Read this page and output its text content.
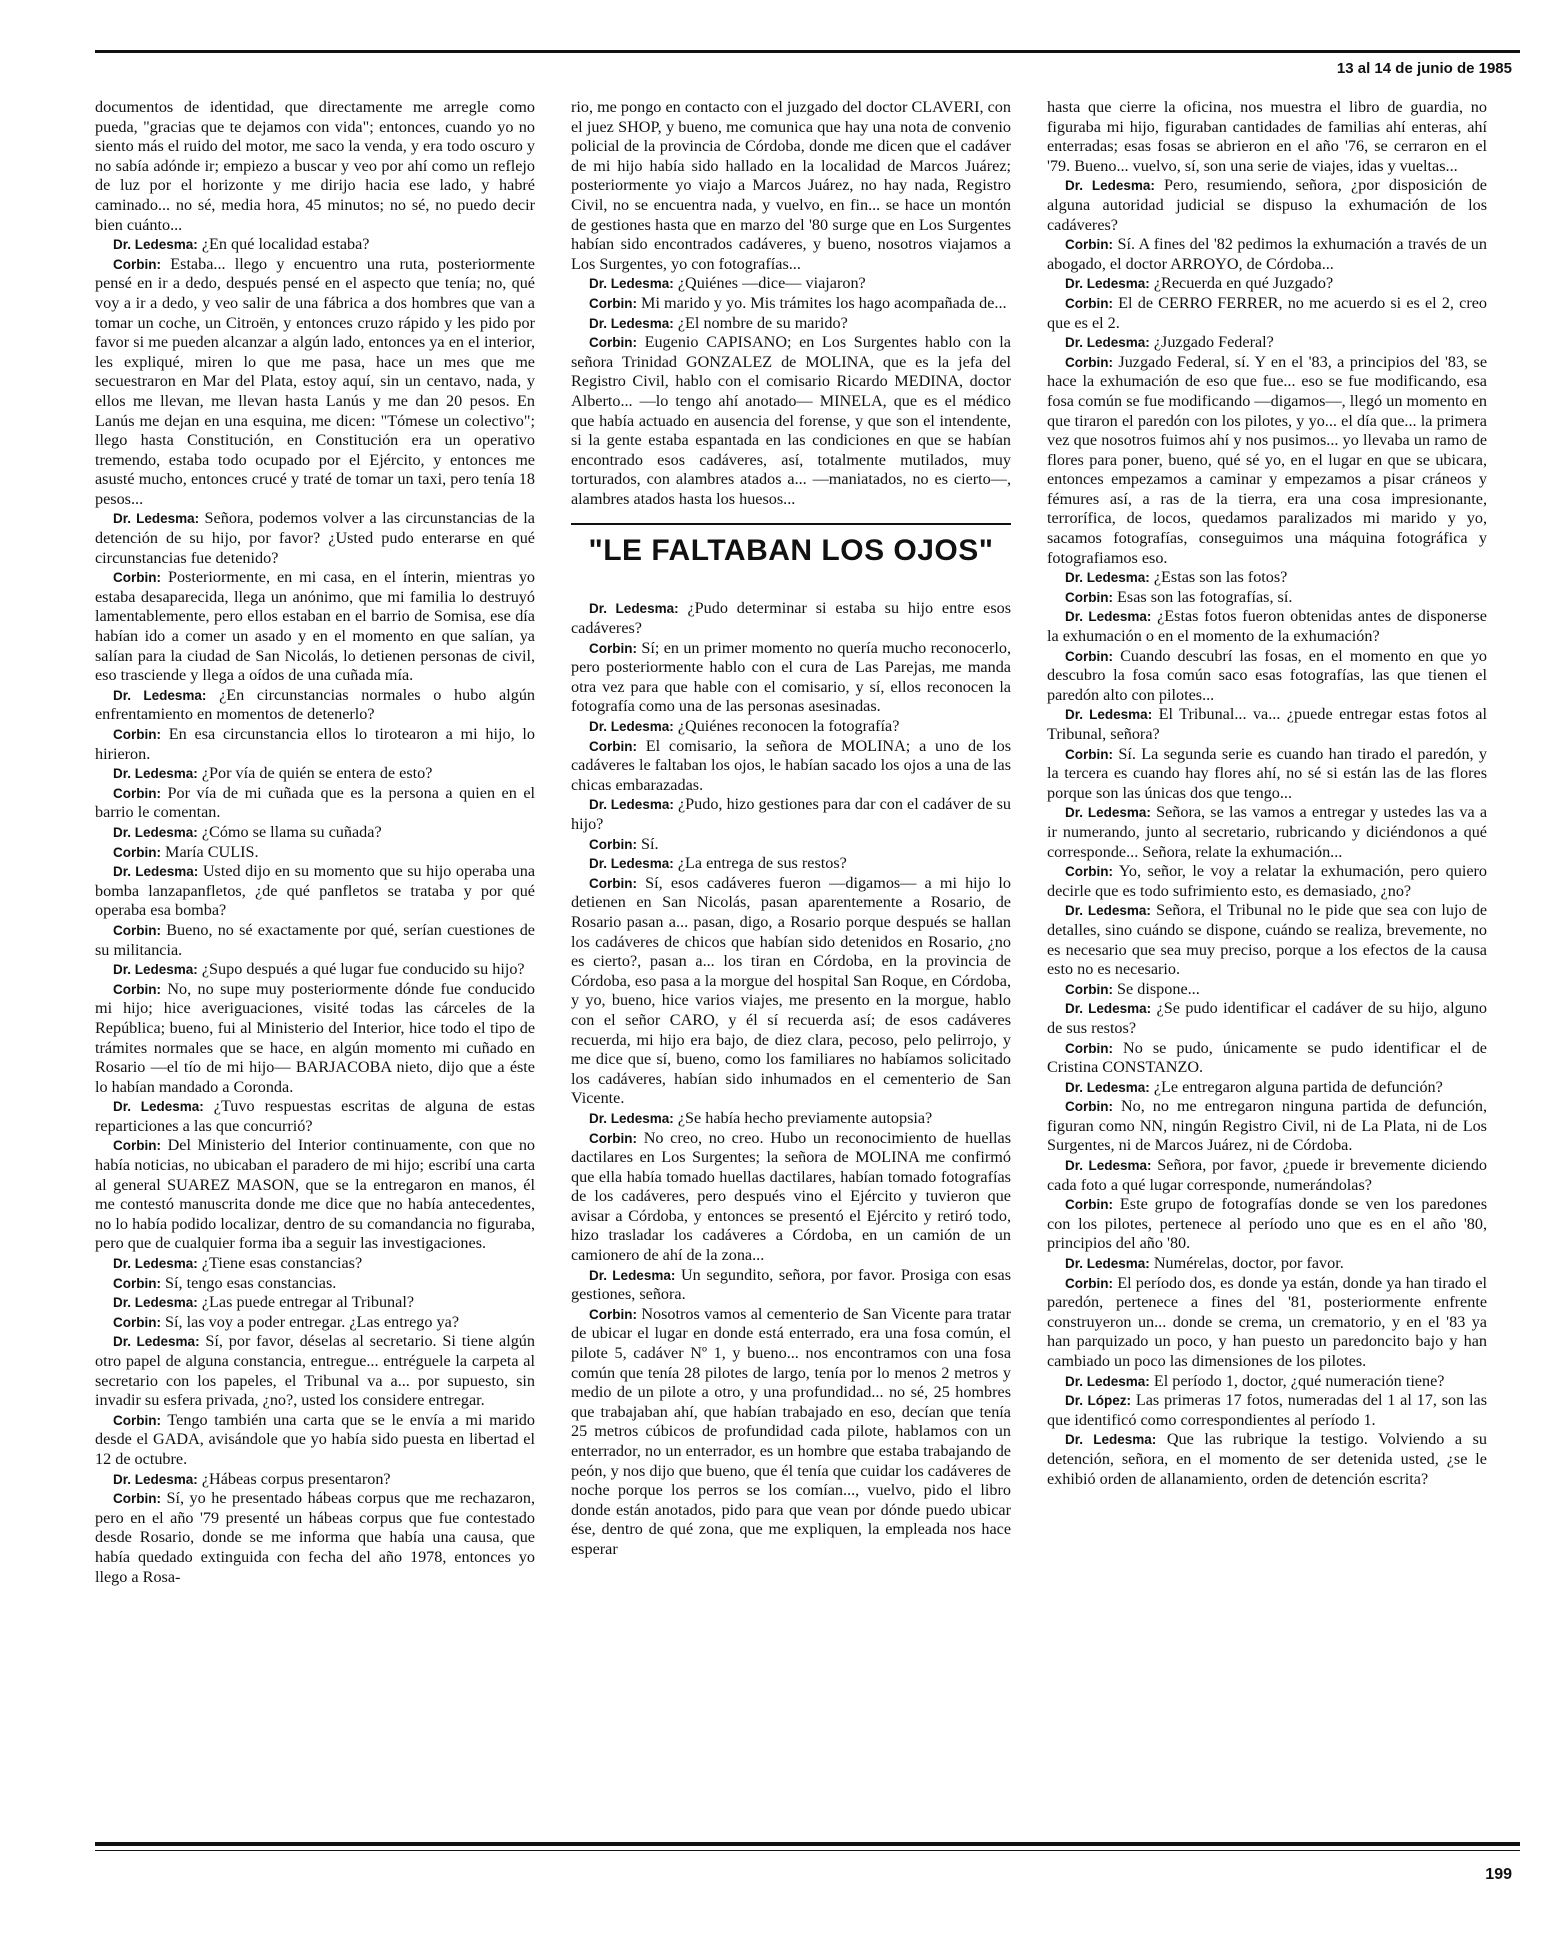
13 al 14 de junio de 1985

documentos de identidad, que directamente me arregle como pueda, "gracias que te dejamos con vida"; entonces, cuando yo no siento más el ruido del motor, me saco la venda, y era todo oscuro y no sabía adónde ir; empiezo a buscar y veo por ahí como un reflejo de luz por el horizonte y me dirijo hacia ese lado, y habré caminado... no sé, media hora, 45 minutos; no sé, no puedo decir bien cuánto...

Dr. Ledesma: ¿En qué localidad estaba?

Corbin: Estaba... llego y encuentro una ruta, posteriormente pensé en ir a dedo, después pensé en el aspecto que tenía; no, qué voy a ir a dedo, y veo salir de una fábrica a dos hombres que van a tomar un coche, un Citroën, y entonces cruzo rápido y les pido por favor si me pueden alcanzar a algún lado, entonces ya en el interior, les expliqué, miren lo que me pasa, hace un mes que me secuestraron en Mar del Plata, estoy aquí, sin un centavo, nada, y ellos me llevan, me llevan hasta Lanús y me dan 20 pesos. En Lanús me dejan en una esquina, me dicen: "Tómese un colectivo"; llego hasta Constitución, en Constitución era un operativo tremendo, estaba todo ocupado por el Ejército, y entonces me asusté mucho, entonces crucé y traté de tomar un taxi, pero tenía 18 pesos...

Dr. Ledesma: Señora, podemos volver a las circunstancias de la detención de su hijo, por favor? ¿Usted pudo enterarse en qué circunstancias fue detenido?

Corbin: Posteriormente, en mi casa, en el ínterin, mientras yo estaba desaparecida, llega un anónimo, que mi familia lo destruyó lamentablemente, pero ellos estaban en el barrio de Somisa, ese día habían ido a comer un asado y en el momento en que salían, ya salían para la ciudad de San Nicolás, lo detienen personas de civil, eso trasciende y llega a oídos de una cuñada mía.

Dr. Ledesma: ¿En circunstancias normales o hubo algún enfrentamiento en momentos de detenerlo?

Corbin: En esa circunstancia ellos lo tirotearon a mi hijo, lo hirieron.

Dr. Ledesma: ¿Por vía de quién se entera de esto?

Corbin: Por vía de mi cuñada que es la persona a quien en el barrio le comentan.

Dr. Ledesma: ¿Cómo se llama su cuñada?

Corbin: María CULIS.

Dr. Ledesma: Usted dijo en su momento que su hijo operaba una bomba lanzapanfletos, ¿de qué panfletos se trataba y por qué operaba esa bomba?

Corbin: Bueno, no sé exactamente por qué, serían cuestiones de su militancia.

Dr. Ledesma: ¿Supo después a qué lugar fue conducido su hijo?

Corbin: No, no supe muy posteriormente dónde fue conducido mi hijo; hice averiguaciones, visité todas las cárceles de la República; bueno, fui al Ministerio del Interior, hice todo el tipo de trámites normales que se hace, en algún momento mi cuñado en Rosario —el tío de mi hijo— BARJACOBA nieto, dijo que a éste lo habían mandado a Coronda.

Dr. Ledesma: ¿Tuvo respuestas escritas de alguna de estas reparticiones a las que concurrió?

Corbin: Del Ministerio del Interior continuamente, con que no había noticias, no ubicaban el paradero de mi hijo; escribí una carta al general SUAREZ MASON, que se la entregaron en manos, él me contestó manuscrita donde me dice que no había antecedentes, no lo había podido localizar, dentro de su comandancia no figuraba, pero que de cualquier forma iba a seguir las investigaciones.

Dr. Ledesma: ¿Tiene esas constancias?

Corbin: Sí, tengo esas constancias.

Dr. Ledesma: ¿Las puede entregar al Tribunal?

Corbin: Sí, las voy a poder entregar. ¿Las entrego ya?

Dr. Ledesma: Sí, por favor, déselas al secretario. Si tiene algún otro papel de alguna constancia, entregue... entréguele la carpeta al secretario con los papeles, el Tribunal va a... por supuesto, sin invadir su esfera privada, ¿no?, usted los considere entregar.

Corbin: Tengo también una carta que se le envía a mi marido desde el GADA, avisándole que yo había sido puesta en libertad el 12 de octubre.

Dr. Ledesma: ¿Hábeas corpus presentaron?

Corbin: Sí, yo he presentado hábeas corpus que me rechazaron, pero en el año '79 presenté un hábeas corpus que fue contestado desde Rosario, donde se me informa que había una causa, que había quedado extinguida con fecha del año 1978, entonces yo llego a Rosa-

rio, me pongo en contacto con el juzgado del doctor CLAVERI, con el juez SHOP, y bueno, me comunica que hay una nota de convenio policial de la provincia de Córdoba, donde me dicen que el cadáver de mi hijo había sido hallado en la localidad de Marcos Juárez; posteriormente yo viajo a Marcos Juárez, no hay nada, Registro Civil, no se encuentra nada, y vuelvo, en fin... se hace un montón de gestiones hasta que en marzo del '80 surge que en Los Surgentes habían sido encontrados cadáveres, y bueno, nosotros viajamos a Los Surgentes, yo con fotografías...

Dr. Ledesma: ¿Quiénes —dice— viajaron?

Corbin: Mi marido y yo. Mis trámites los hago acompañada de...

Dr. Ledesma: ¿El nombre de su marido?

Corbin: Eugenio CAPISANO; en Los Surgentes hablo con la señora Trinidad GONZALEZ de MOLINA, que es la jefa del Registro Civil, hablo con el comisario Ricardo MEDINA, doctor Alberto... —lo tengo ahí anotado— MINELA, que es el médico que había actuado en ausencia del forense, y que son el intendente, si la gente estaba espantada en las condiciones en que se habían encontrado esos cadáveres, así, totalmente mutilados, muy torturados, con alambres atados a... —maniatados, no es cierto—, alambres atados hasta los huesos...

"LE FALTABAN LOS OJOS"

Dr. Ledesma: ¿Pudo determinar si estaba su hijo entre esos cadáveres?

Corbin: Sí; en un primer momento no quería mucho reconocerlo, pero posteriormente hablo con el cura de Las Parejas, me manda otra vez para que hable con el comisario, y sí, ellos reconocen la fotografía como una de las personas asesinadas.

Dr. Ledesma: ¿Quiénes reconocen la fotografía?

Corbin: El comisario, la señora de MOLINA; a uno de los cadáveres le faltaban los ojos, le habían sacado los ojos a una de las chicas embarazadas.

Dr. Ledesma: ¿Pudo, hizo gestiones para dar con el cadáver de su hijo?

Corbin: Sí.

Dr. Ledesma: ¿La entrega de sus restos?

Corbin: Sí, esos cadáveres fueron —digamos— a mi hijo lo detienen en San Nicolás, pasan aparentemente a Rosario, de Rosario pasan a... pasan, digo, a Rosario porque después se hallan los cadáveres de chicos que habían sido detenidos en Rosario, ¿no es cierto?, pasan a... los tiran en Córdoba, en la provincia de Córdoba, eso pasa a la morgue del hospital San Roque, en Córdoba, y yo, bueno, hice varios viajes, me presento en la morgue, hablo con el señor CARO, y él sí recuerda así; de esos cadáveres recuerda, mi hijo era bajo, de diez clara, pecoso, pelo pelirrojo, y me dice que sí, bueno, como los familiares no habíamos solicitado los cadáveres, habían sido inhumados en el cementerio de San Vicente.

Dr. Ledesma: ¿Se había hecho previamente autopsia?

Corbin: No creo, no creo. Hubo un reconocimiento de huellas dactilares en Los Surgentes; la señora de MOLINA me confirmó que ella había tomado huellas dactilares, habían tomado fotografías de los cadáveres, pero después vino el Ejército y tuvieron que avisar a Córdoba, y entonces se presentó el Ejército y retiró todo, hizo trasladar los cadáveres a Córdoba, en un camión de un camionero de ahí de la zona...

Dr. Ledesma: Un segundito, señora, por favor. Prosiga con esas gestiones, señora.

Corbin: Nosotros vamos al cementerio de San Vicente para tratar de ubicar el lugar en donde está enterrado, era una fosa común, el pilote 5, cadáver Nº 1, y bueno... nos encontramos con una fosa común que tenía 28 pilotes de largo, tenía por lo menos 2 metros y medio de un pilote a otro, y una profundidad... no sé, 25 hombres que trabajaban ahí, que habían trabajado en eso, decían que tenía 25 metros cúbicos de profundidad cada pilote, hablamos con un enterrador, no un enterrador, es un hombre que estaba trabajando de peón, y nos dijo que bueno, que él tenía que cuidar los cadáveres de noche porque los perros se los comían..., vuelvo, pido el libro donde están anotados, pido para que vean por dónde puedo ubicar ése, dentro de qué zona, que me expliquen, la empleada nos hace esperar

hasta que cierre la oficina, nos muestra el libro de guardia, no figuraba mi hijo, figuraban cantidades de familias ahí enteras, ahí enterradas; esas fosas se abrieron en el año '76, se cerraron en el '79. Bueno... vuelvo, sí, son una serie de viajes, idas y vueltas...

Dr. Ledesma: Pero, resumiendo, señora, ¿por disposición de alguna autoridad judicial se dispuso la exhumación de los cadáveres?

Corbin: Sí. A fines del '82 pedimos la exhumación a través de un abogado, el doctor ARROYO, de Córdoba...

Dr. Ledesma: ¿Recuerda en qué Juzgado?

Corbin: El de CERRO FERRER, no me acuerdo si es el 2, creo que es el 2.

Dr. Ledesma: ¿Juzgado Federal?

Corbin: Juzgado Federal, sí. Y en el '83, a principios del '83, se hace la exhumación de eso que fue... eso se fue modificando, esa fosa común se fue modificando —digamos—, llegó un momento en que tiraron el paredón con los pilotes, y yo... el día que... la primera vez que nosotros fuimos ahí y nos pusimos... yo llevaba un ramo de flores para poner, bueno, qué sé yo, en el lugar en que se ubicara, entonces empezamos a caminar y empezamos a pisar cráneos y fémures así, a ras de la tierra, era una cosa impresionante, terrorífica, de locos, quedamos paralizados mi marido y yo, sacamos fotografías, conseguimos una máquina fotográfica y fotografiamos eso.

Dr. Ledesma: ¿Estas son las fotos?

Corbin: Esas son las fotografías, sí.

Dr. Ledesma: ¿Estas fotos fueron obtenidas antes de disponerse la exhumación o en el momento de la exhumación?

Corbin: Cuando descubrí las fosas, en el momento en que yo descubro la fosa común saco esas fotografías, las que tienen el paredón alto con pilotes...

Dr. Ledesma: El Tribunal... va... ¿puede entregar estas fotos al Tribunal, señora?

Corbin: Sí. La segunda serie es cuando han tirado el paredón, y la tercera es cuando hay flores ahí, no sé si están las de las flores porque son las únicas dos que tengo...

Dr. Ledesma: Señora, se las vamos a entregar y ustedes las va a ir numerando, junto al secretario, rubricando y diciéndonos a qué corresponde... Señora, relate la exhumación...

Corbin: Yo, señor, le voy a relatar la exhumación, pero quiero decirle que es todo sufrimiento esto, es demasiado, ¿no?

Dr. Ledesma: Señora, el Tribunal no le pide que sea con lujo de detalles, sino cuándo se dispone, cuándo se realiza, brevemente, no es necesario que sea muy preciso, porque a los efectos de la causa esto no es necesario.

Corbin: Se dispone...

Dr. Ledesma: ¿Se pudo identificar el cadáver de su hijo, alguno de sus restos?

Corbin: No se pudo, únicamente se pudo identificar el de Cristina CONSTANZO.

Dr. Ledesma: ¿Le entregaron alguna partida de defunción?

Corbin: No, no me entregaron ninguna partida de defunción, figuran como NN, ningún Registro Civil, ni de La Plata, ni de Los Surgentes, ni de Marcos Juárez, ni de Córdoba.

Dr. Ledesma: Señora, por favor, ¿puede ir brevemente diciendo cada foto a qué lugar corresponde, numerándolas?

Corbin: Este grupo de fotografías donde se ven los paredones con los pilotes, pertenece al período uno que es en el año '80, principios del año '80.

Dr. Ledesma: Numérelas, doctor, por favor.

Corbin: El período dos, es donde ya están, donde ya han tirado el paredón, pertenece a fines del '81, posteriormente enfrente construyeron un... donde se crema, un crematorio, y en el '83 ya han parquizado un poco, y han puesto un paredoncito bajo y han cambiado un poco las dimensiones de los pilotes.

Dr. Ledesma: El período 1, doctor, ¿qué numeración tiene?

Dr. López: Las primeras 17 fotos, numeradas del 1 al 17, son las que identificó como correspondientes al período 1.

Dr. Ledesma: Que las rubrique la testigo. Volviendo a su detención, señora, en el momento de ser detenida usted, ¿se le exhibió orden de allanamiento, orden de detención escrita?

199
